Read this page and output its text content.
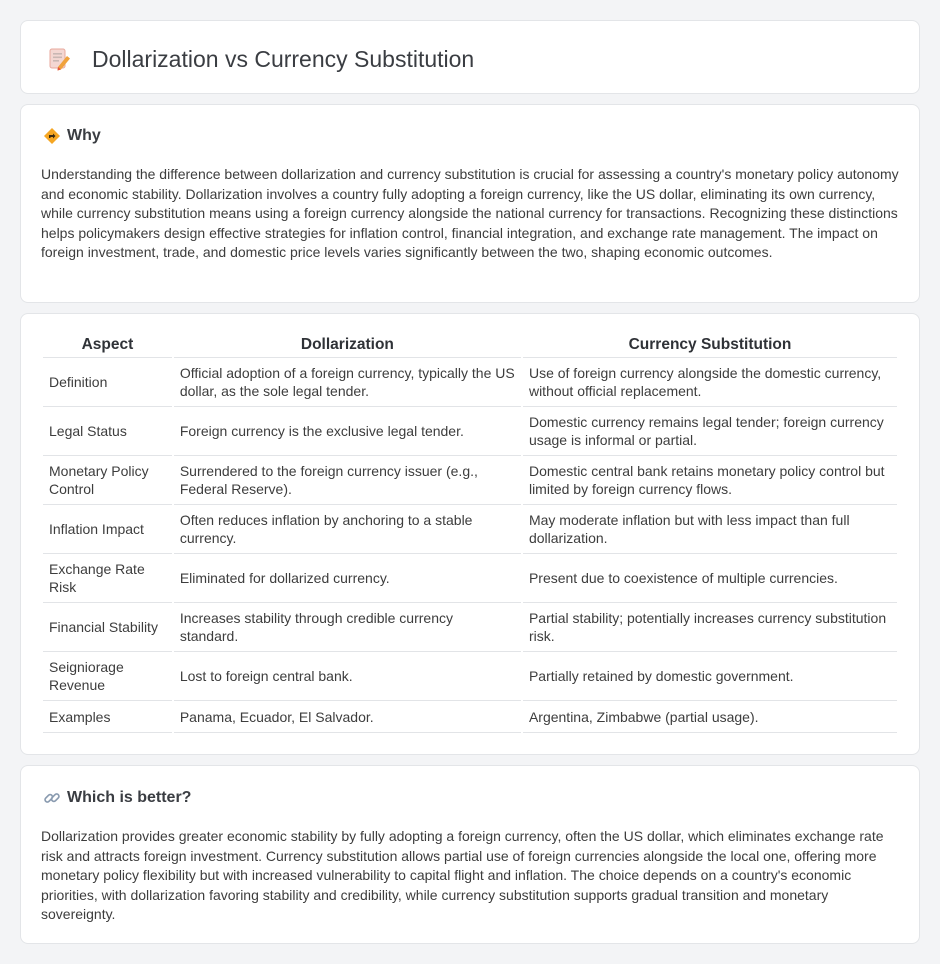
Dollarization vs Currency Substitution
Why

Understanding the difference between dollarization and currency substitution is crucial for assessing a country's monetary policy autonomy and economic stability. Dollarization involves a country fully adopting a foreign currency, like the US dollar, eliminating its own currency, while currency substitution means using a foreign currency alongside the national currency for transactions. Recognizing these distinctions helps policymakers design effective strategies for inflation control, financial integration, and exchange rate management. The impact on foreign investment, trade, and domestic price levels varies significantly between the two, shaping economic outcomes.

Aspect	Dollarization	Currency Substitution
Definition	Official adoption of a foreign currency, typically the US dollar, as the sole legal tender.	Use of foreign currency alongside the domestic currency, without official replacement.
Legal Status	Foreign currency is the exclusive legal tender.	Domestic currency remains legal tender; foreign currency usage is informal or partial.
Monetary Policy Control	Surrendered to the foreign currency issuer (e.g., Federal Reserve).	Domestic central bank retains monetary policy control but limited by foreign currency flows.
Inflation Impact	Often reduces inflation by anchoring to a stable currency.	May moderate inflation but with less impact than full dollarization.
Exchange Rate Risk	Eliminated for dollarized currency.	Present due to coexistence of multiple currencies.
Financial Stability	Increases stability through credible currency standard.	Partial stability; potentially increases currency substitution risk.
Seigniorage Revenue	Lost to foreign central bank.	Partially retained by domestic government.
Examples	Panama, Ecuador, El Salvador.	Argentina, Zimbabwe (partial usage).
Which is better?

Dollarization provides greater economic stability by fully adopting a foreign currency, often the US dollar, which eliminates exchange rate risk and attracts foreign investment. Currency substitution allows partial use of foreign currencies alongside the local one, offering more monetary policy flexibility but with increased vulnerability to capital flight and inflation. The choice depends on a country's economic priorities, with dollarization favoring stability and credibility, while currency substitution supports gradual transition and monetary sovereignty.
